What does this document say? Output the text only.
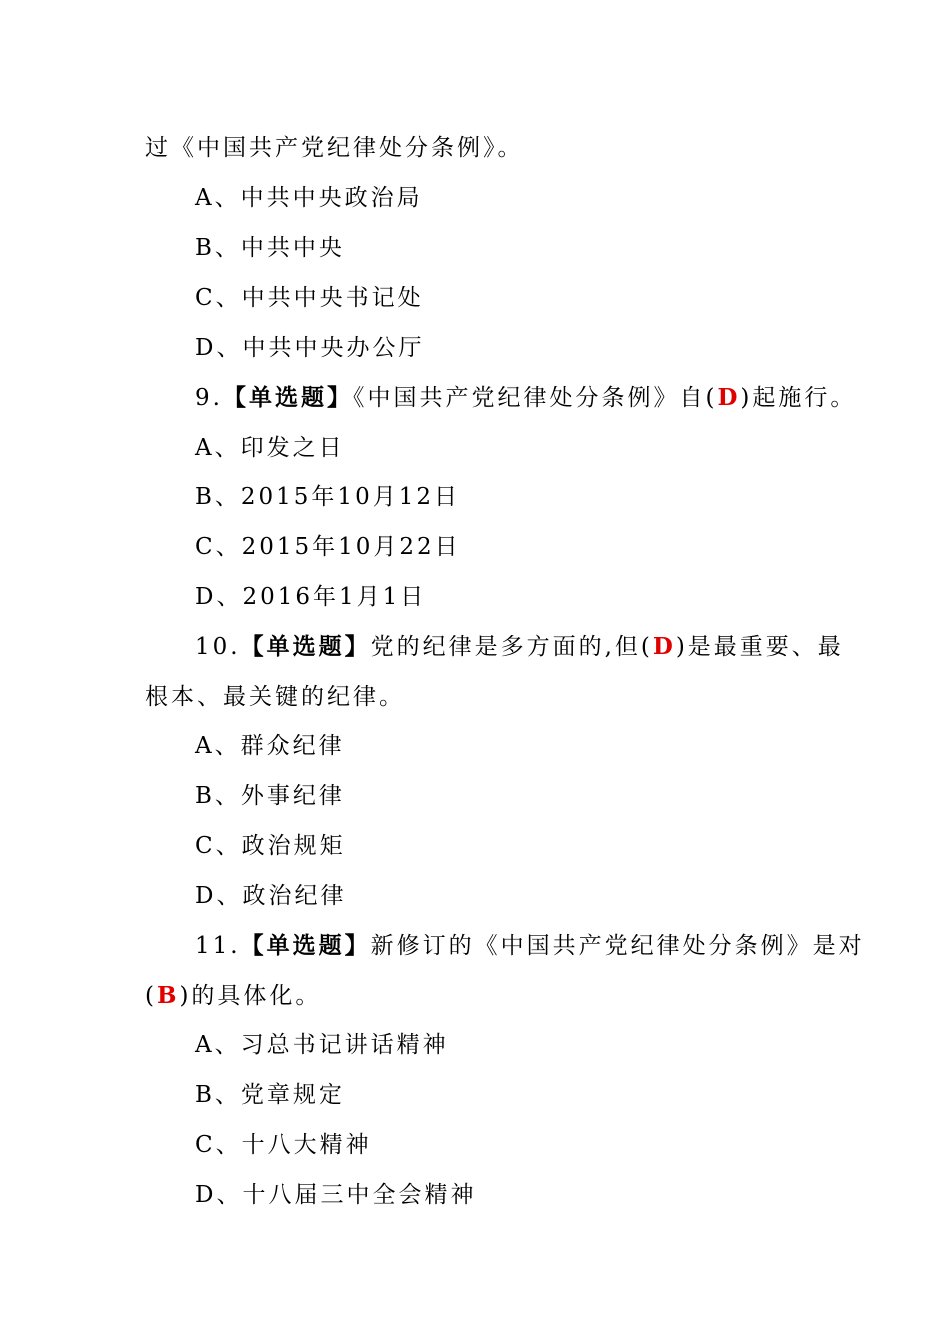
过《中国共产党纪律处分条例》。
A、中共中央政治局
B、中共中央
C、中共中央书记处
D、中共中央办公厅
9.【单选题】《中国共产党纪律处分条例》自(D)起施行。
A、印发之日
B、2015年10月12日
C、2015年10月22日
D、2016年1月1日
10.【单选题】党的纪律是多方面的,但(D)是最重要、最
根本、最关键的纪律。
A、群众纪律
B、外事纪律
C、政治规矩
D、政治纪律
11.【单选题】新修订的《中国共产党纪律处分条例》是对
(B)的具体化。
A、习总书记讲话精神
B、党章规定
C、十八大精神
D、十八届三中全会精神
